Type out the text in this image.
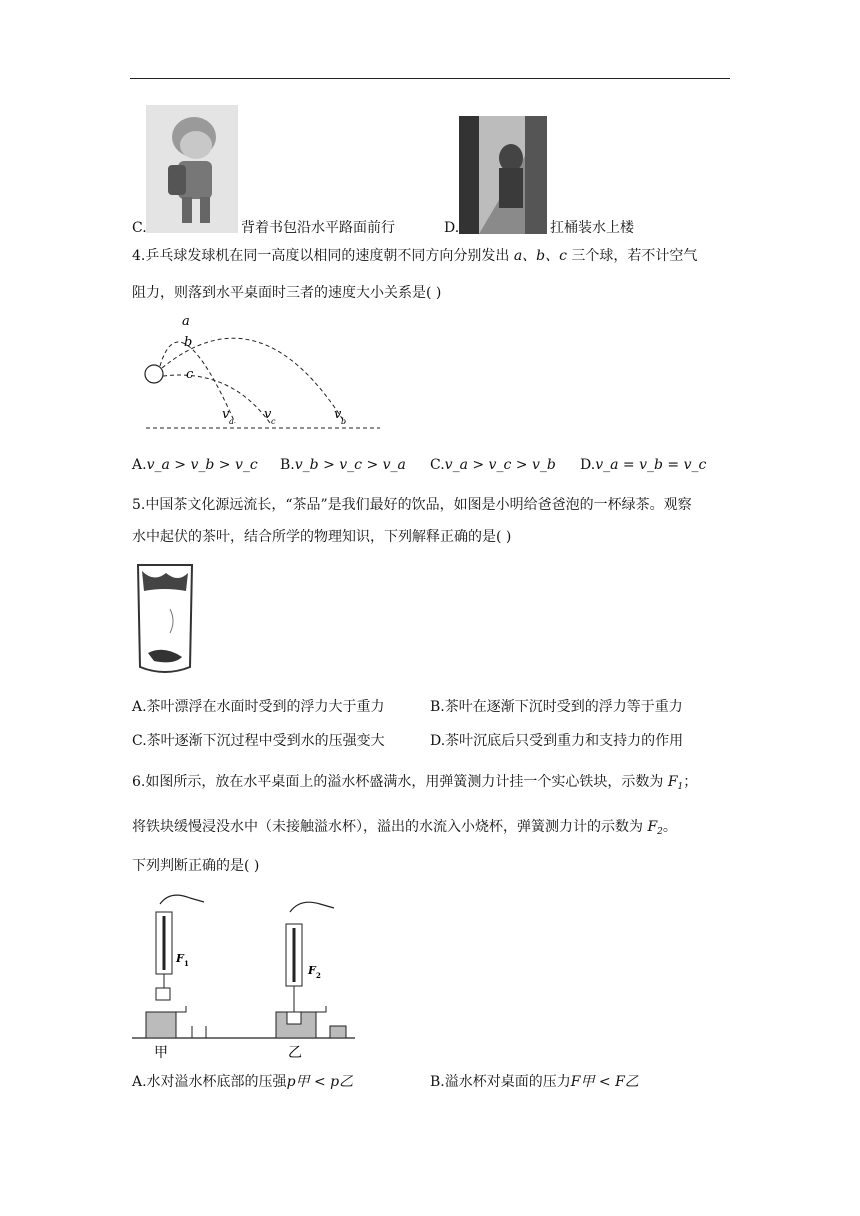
C.	背着书包沿水平路面前行	D.	扛桶装水上楼
4.乒乓球发球机在同一高度以相同的速度朝不同方向分别发出 a、b、c 三个球，若不计空气
阻力，则落到水平桌面时三者的速度大小关系是( )
a
b
c
v a v c	v b
A.v_a > v_b > v_c B.v_b > v_c > v_a C.v_a > v_c > v_b D.v_a = v_b = v_c
5.中国茶文化源远流长，“茶品”是我们最好的饮品，如图是小明给爸爸泡的一杯绿茶。观察
水中起伏的茶叶，结合所学的物理知识，下列解释正确的是( )
A.茶叶漂浮在水面时受到的浮力大于重力	B.茶叶在逐渐下沉时受到的浮力等于重力
C.茶叶逐渐下沉过程中受到水的压强变大	D.茶叶沉底后只受到重力和支持力的作用
6.如图所示，放在水平桌面上的溢水杯盛满水，用弹簧测力计挂一个实心铁块，示数为 $F_1$；
将铁块缓慢浸没水中（未接触溢水杯），溢出的水流入小烧杯，弹簧测力计的示数为 $F_2$。
下列判断正确的是( )
F 1
甲
F 2
乙
A.水对溢水杯底部的压强p甲 < p乙	B.溢水杯对桌面的压力F甲 < F乙
